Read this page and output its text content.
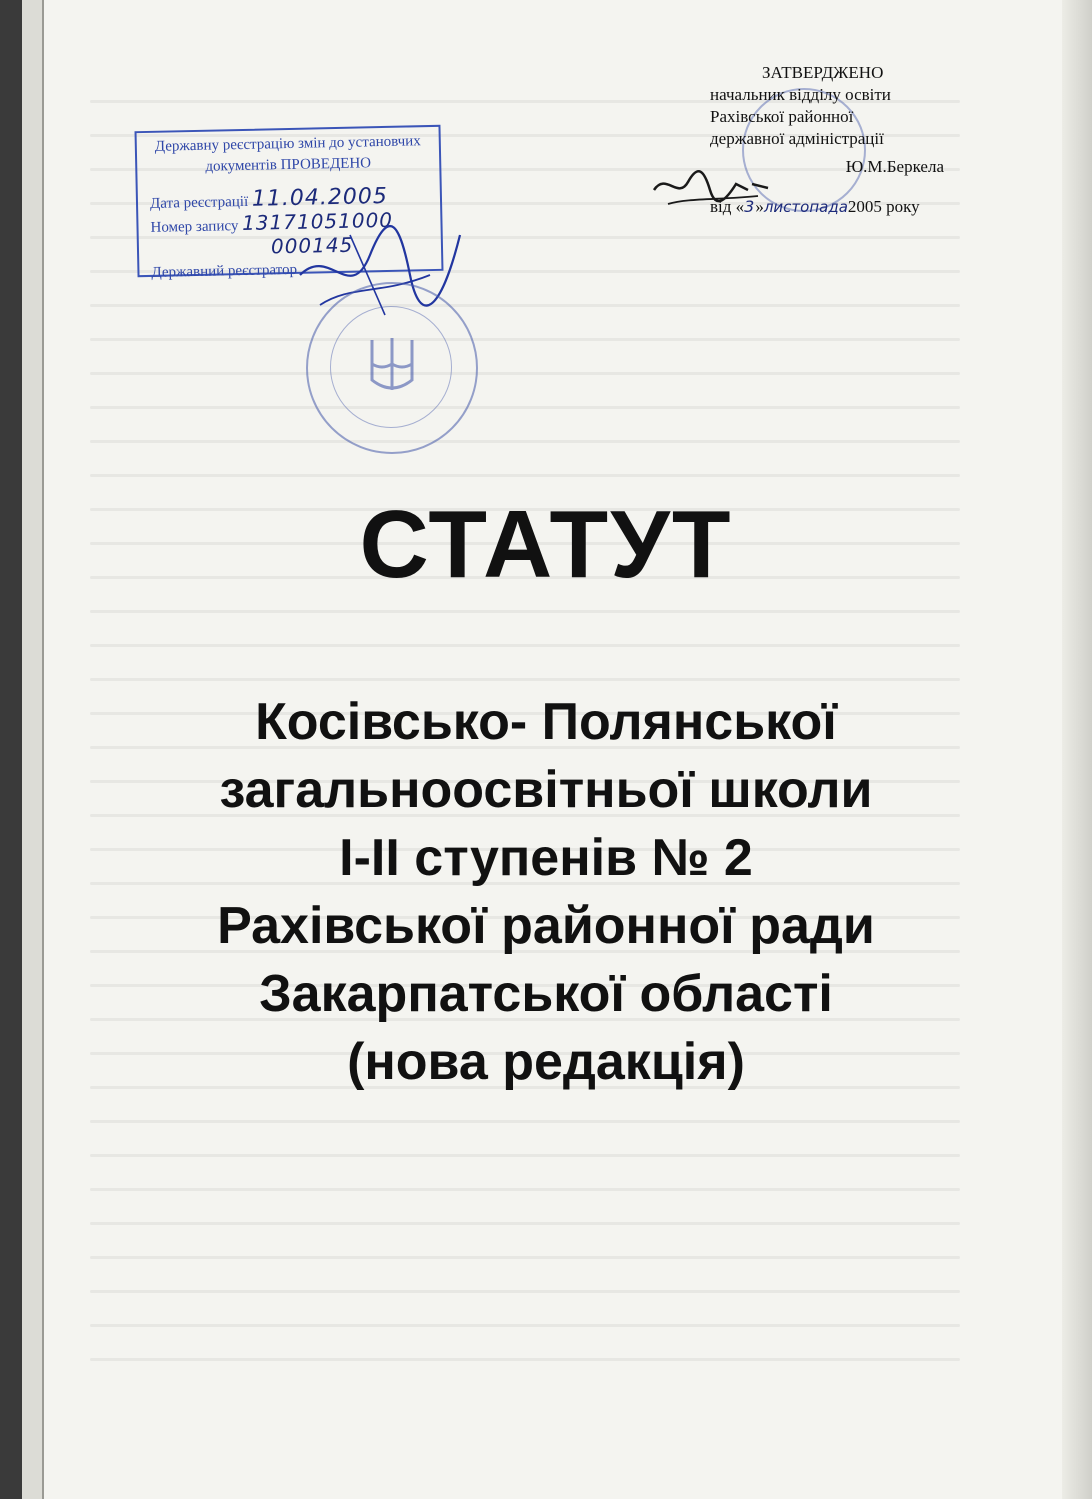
ЗАТВЕРДЖЕНО
начальник відділу освіти
Рахівської районної
державної адміністрації
Ю.М.Беркела
від «3»листопада2005 року
Державну реєстрацію змін до установчих
документів ПРОВЕДЕНО
Дата реєстрації 11.04.2005
Номер запису 13171051000
000145
Державний реєстратор
СТАТУТ
Косівсько- Полянської
загальноосвітньої школи
І-ІІ ступенів № 2
Рахівської районної ради
Закарпатської області
(нова редакція)
